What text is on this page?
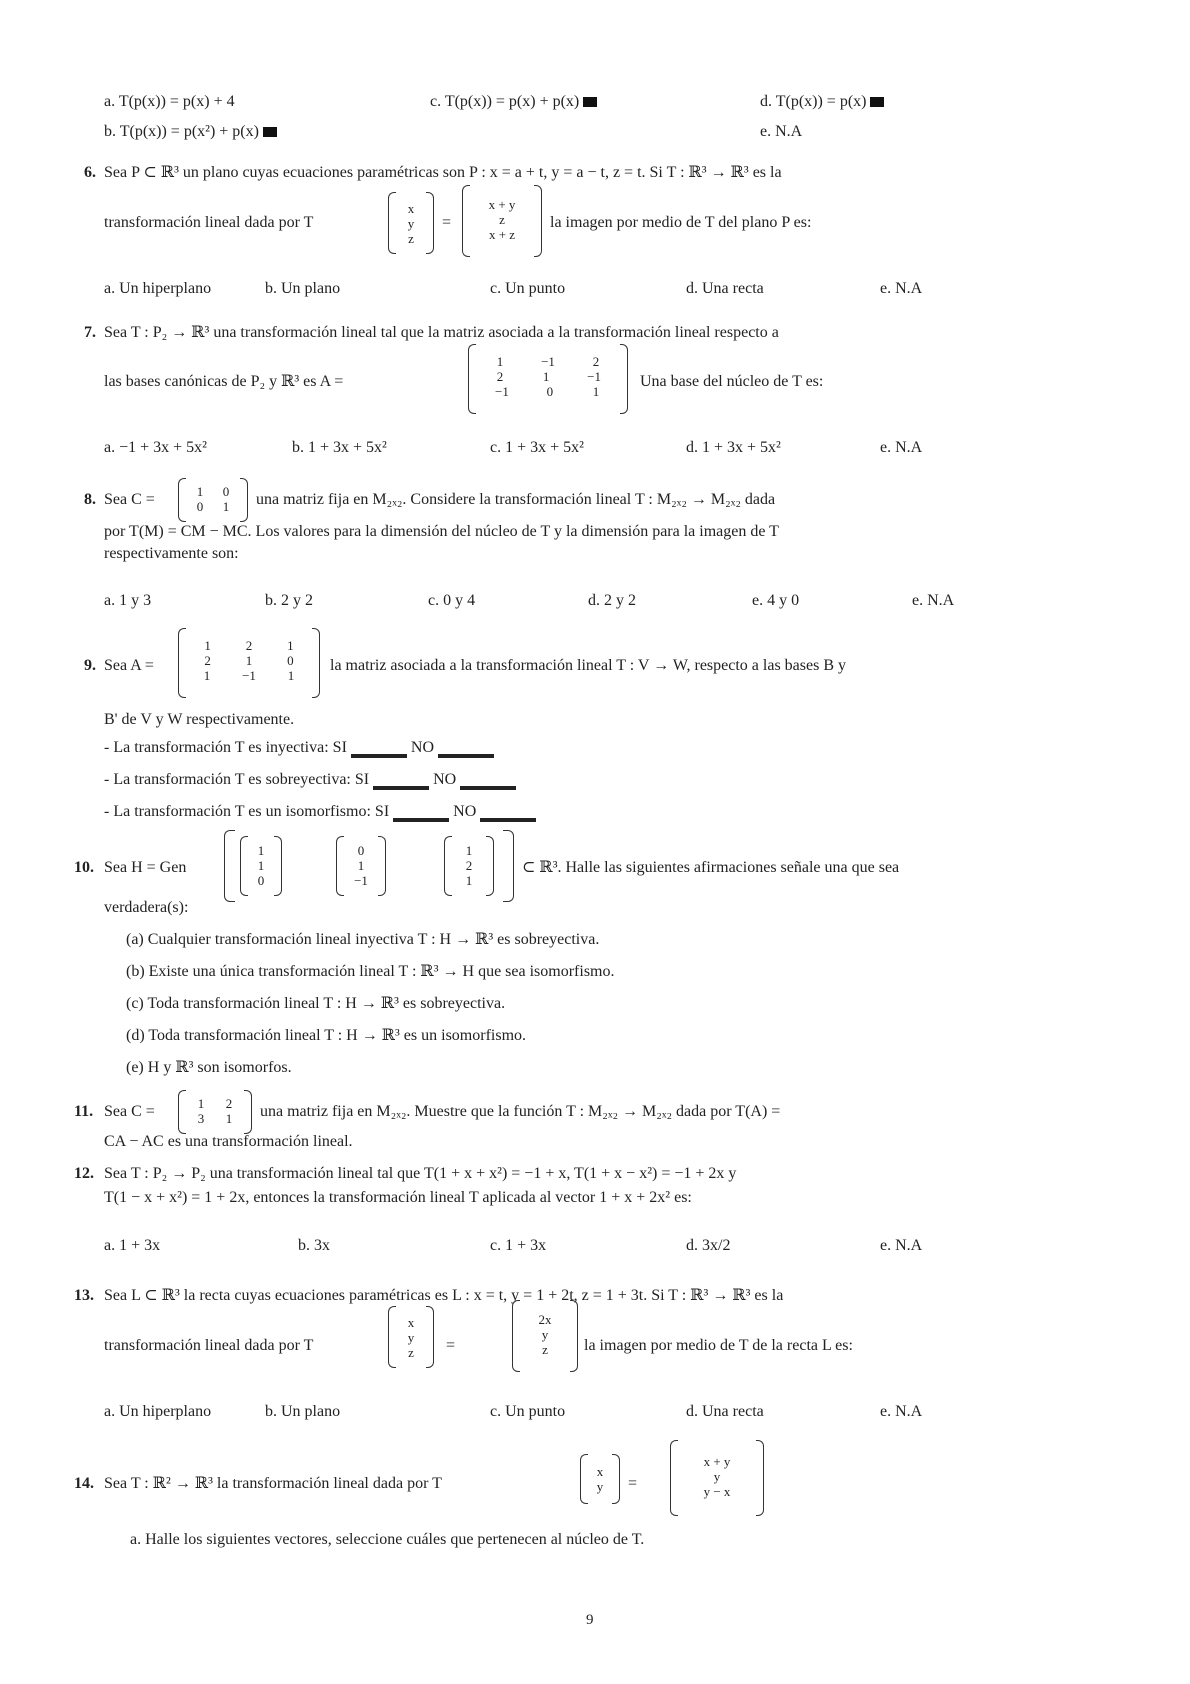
a. T(p(x)) = p(x) + 4	c. T(p(x)) = p(x) + p(x)	d. T(p(x)) = p(x)
b. T(p(x)) = p(x²) + p(x)	e. N.A
6. Sea P ⊂ ℝ³ un plano cuyas ecuaciones paramétricas son P : x = a + t, y = a − t, z = t. Si T : ℝ³ → ℝ³ es la
transformación lineal dada por T
x
y
z
=
x + y
z
x + z
la imagen por medio de T del plano P es:
a. Un hiperplano	b. Un plano	c. Un punto	d. Una recta	e. N.A
7. Sea T : P₂ → ℝ³ una transformación lineal tal que la matriz asociada a la transformación lineal respecto a
las bases canónicas de P₂ y ℝ³ es A =
1	−1	2
2	1	−1
−1	0	1
Una base del núcleo de T es:
a. −1 + 3x + 5x²	b. 1 + 3x + 5x²	c. 1 + 3x + 5x²	d. 1 + 3x + 5x²	e. N.A
8. Sea C =	1 0
0 1 una matriz fija en M₂ₓ₂. Considere la transformación lineal T : M₂ₓ₂ → M₂ₓ₂ dada
por T(M) = CM − MC. Los valores para la dimensión del núcleo de T y la dimensión para la imagen de T
respectivamente son:
a. 1 y 3	b. 2 y 2	c. 0 y 4	d. 2 y 2	e. 4 y 0	e. N.A
9. Sea A =
1	2	1
2	1	0
1 −1 1
la matriz asociada a la transformación lineal T : V → W, respecto a las bases B y
B' de V y W respectivamente.
- La transformación T es inyectiva: SI	NO
- La transformación T es sobreyectiva: SI	NO
- La transformación T es un isomorfismo: SI	NO
10. Sea H = Gen
1
1
0
0
1
−1
1
2
1
⊂ ℝ³. Halle las siguientes afirmaciones señale una que sea
verdadera(s):
(a) Cualquier transformación lineal inyectiva T : H → ℝ³ es sobreyectiva.
(b) Existe una única transformación lineal T : ℝ³ → H que sea isomorfismo.
(c) Toda transformación lineal T : H → ℝ³ es sobreyectiva.
(d) Toda transformación lineal T : H → ℝ³ es un isomorfismo.
(e) H y ℝ³ son isomorfos.
11. Sea C =	1 2
3 1 una matriz fija en M₂ₓ₂. Muestre que la función T : M₂ₓ₂ → M₂ₓ₂ dada por T(A) =
CA − AC es una transformación lineal.
12. Sea T : P₂ → P₂ una transformación lineal tal que T(1 + x + x²) = −1 + x, T(1 + x − x²) = −1 + 2x y
T(1 − x + x²) = 1 + 2x, entonces la transformación lineal T aplicada al vector 1 + x + 2x² es:
a. 1 + 3x	b. 3x	c. 1 + 3x	d. 3x/2	e. N.A
13. Sea L ⊂ ℝ³ la recta cuyas ecuaciones paramétricas es L : x = t, y = 1 + 2t, z = 1 + 3t. Si T : ℝ³ → ℝ³ es la
transformación lineal dada por T
x
y
z =
2x
y
z la imagen por medio de T de la recta L es:
a. Un hiperplano	b. Un plano	c. Un punto	d. Una recta	e. N.A
14. Sea T : ℝ² → ℝ³ la transformación lineal dada por T
x
y =
x + y
y
y − x
a. Halle los siguientes vectores, seleccione cuáles que pertenecen al núcleo de T.
9
